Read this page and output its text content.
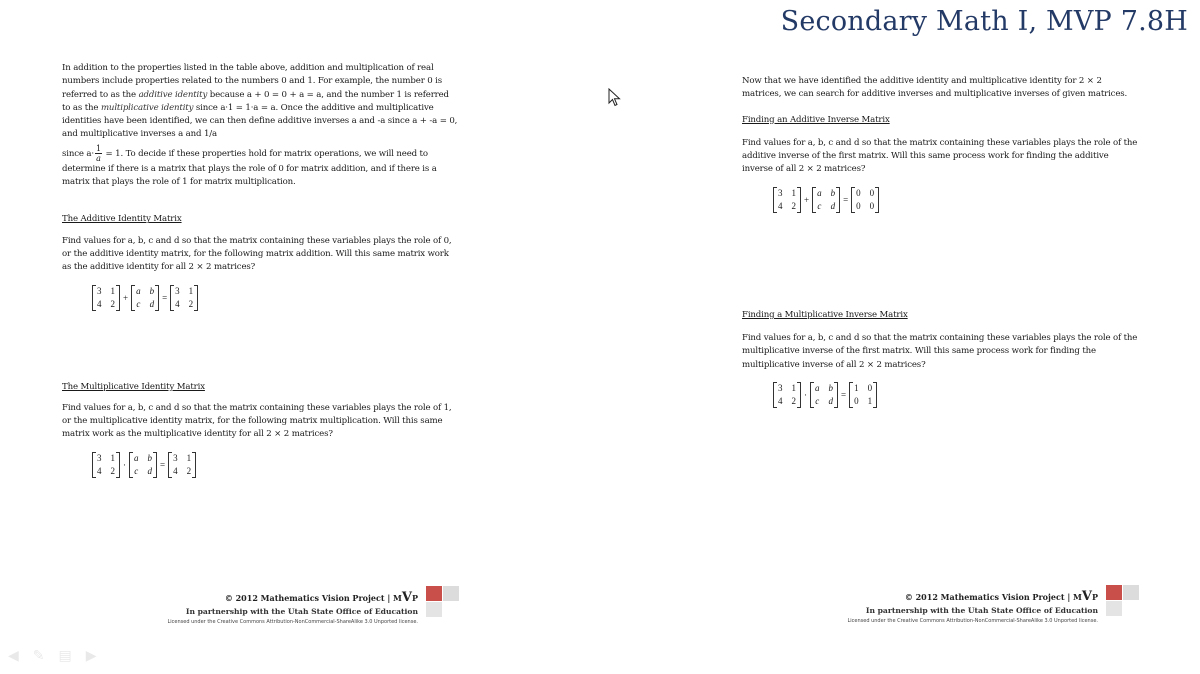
Secondary Math I, MVP 7.8H

In addition to the properties listed in the table above, addition and multiplication of real numbers include properties related to the numbers 0 and 1. For example, the number 0 is referred to as the additive identity because a + 0 = 0 + a = a, and the number 1 is referred to as the multiplicative identity since a·1 = 1·a = a. Once the additive and multiplicative identities have been identified, we can then define additive inverses a and -a since a + -a = 0, and multiplicative inverses a and 1/a

since $a\cdot \frac{1}{a} = 1$. To decide if these properties hold for matrix operations, we will need to determine if there is a matrix that plays the role of 0 for matrix addition, and if there is a matrix that plays the role of 1 for matrix multiplication.

The Additive Identity Matrix

Find values for a, b, c and d so that the matrix containing these variables plays the role of 0, or the additive identity matrix, for the following matrix addition. Will this same matrix work as the additive identity for all 2 × 2 matrices?

3 1
4 2
+
a b
c d
=
3 1
4 2

The Multiplicative Identity Matrix

Find values for a, b, c and d so that the matrix containing these variables plays the role of 1, or the multiplicative identity matrix, for the following matrix multiplication. Will this same matrix work as the multiplicative identity for all 2 × 2 matrices?

3 1
4 2
·
a b
c d
=
3 1
4 2
© 2012 Mathematics Vision Project | MVP
In partnership with the Utah State Office of Education
Licensed under the Creative Commons Attribution-NonCommercial-ShareAlike 3.0 Unported license.

Now that we have identified the additive identity and multiplicative identity for 2 × 2 matrices, we can search for additive inverses and multiplicative inverses of given matrices.

Finding an Additive Inverse Matrix

Find values for a, b, c and d so that the matrix containing these variables plays the role of the additive inverse of the first matrix. Will this same process work for finding the additive inverse of all 2 × 2 matrices?

3 1
4 2
+
a b
c d
=
0 0
0 0

Finding a Multiplicative Inverse Matrix

Find values for a, b, c and d so that the matrix containing these variables plays the role of the multiplicative inverse of the first matrix. Will this same process work for finding the multiplicative inverse of all 2 × 2 matrices?

3 1
4 2
·
a b
c d
=
1 0
0 1
© 2012 Mathematics Vision Project | MVP
In partnership with the Utah State Office of Education
Licensed under the Creative Commons Attribution-NonCommercial-ShareAlike 3.0 Unported license.
◀ ✎ ▤ ▶
